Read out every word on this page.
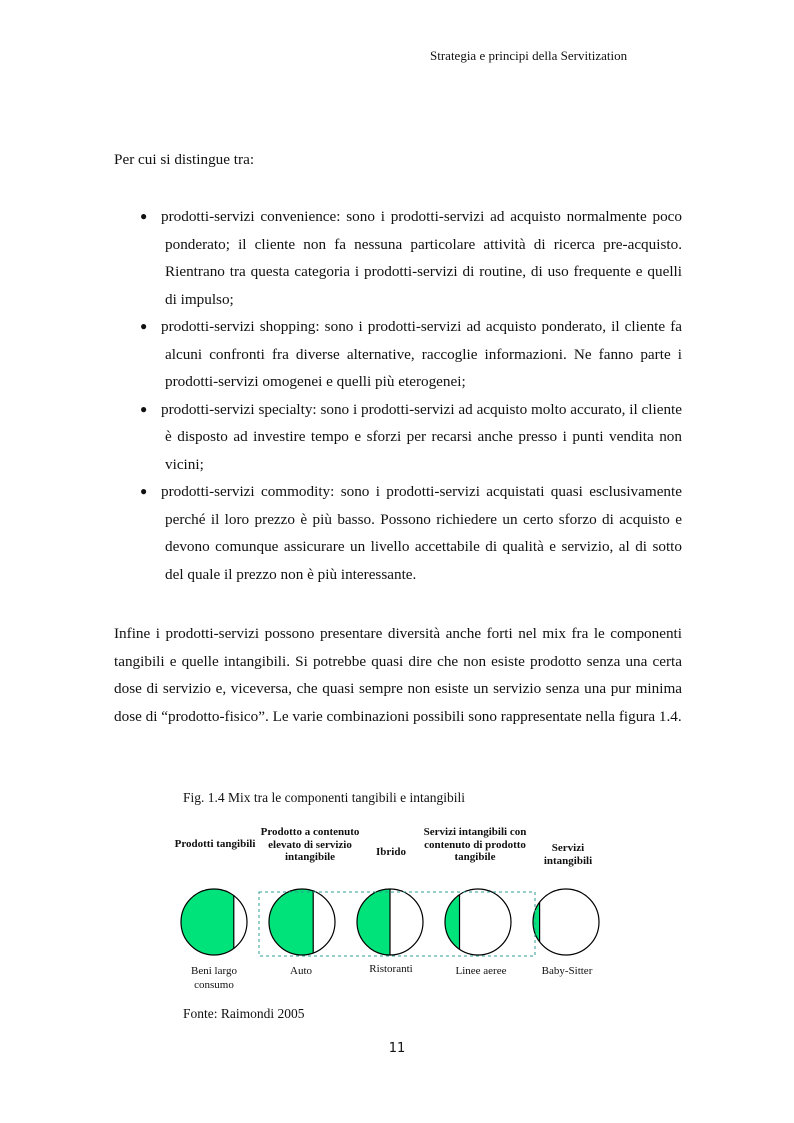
Strategia e principi della Servitization
Per cui si distingue tra:
● prodotti-servizi convenience: sono i prodotti-servizi ad acquisto normalmente poco ponderato; il cliente non fa nessuna particolare attività di ricerca pre-acquisto. Rientrano tra questa categoria i prodotti-servizi di routine, di uso frequente e quelli di impulso;
● prodotti-servizi shopping: sono i prodotti-servizi ad acquisto ponderato, il cliente fa alcuni confronti fra diverse alternative, raccoglie informazioni. Ne fanno parte i prodotti-servizi omogenei e quelli più eterogenei;
● prodotti-servizi specialty: sono i prodotti-servizi ad acquisto molto accurato, il cliente è disposto ad investire tempo e sforzi per recarsi anche presso i punti vendita non vicini;
● prodotti-servizi commodity: sono i prodotti-servizi acquistati quasi esclusivamente perché il loro prezzo è più basso. Possono richiedere un certo sforzo di acquisto e devono comunque assicurare un livello accettabile di qualità e servizio, al di sotto del quale il prezzo non è più interessante.
Infine i prodotti-servizi possono presentare diversità anche forti nel mix fra le componenti tangibili e quelle intangibili. Si potrebbe quasi dire che non esiste prodotto senza una certa dose di servizio e, viceversa, che quasi sempre non esiste un servizio senza una pur minima dose di “prodotto-fisico”. Le varie combinazioni possibili sono rappresentate nella figura 1.4.
Fig. 1.4 Mix tra le componenti tangibili e intangibili
Prodotti tangibili
Prodotto a contenuto elevato di servizio intangibile	Ibrido
Servizi intangibili con contenuto di prodotto tangibile
Servizi intangibili
Beni largo consumo
Auto	Ristoranti	Linee aeree	Baby-Sitter
Fonte: Raimondi 2005
11
